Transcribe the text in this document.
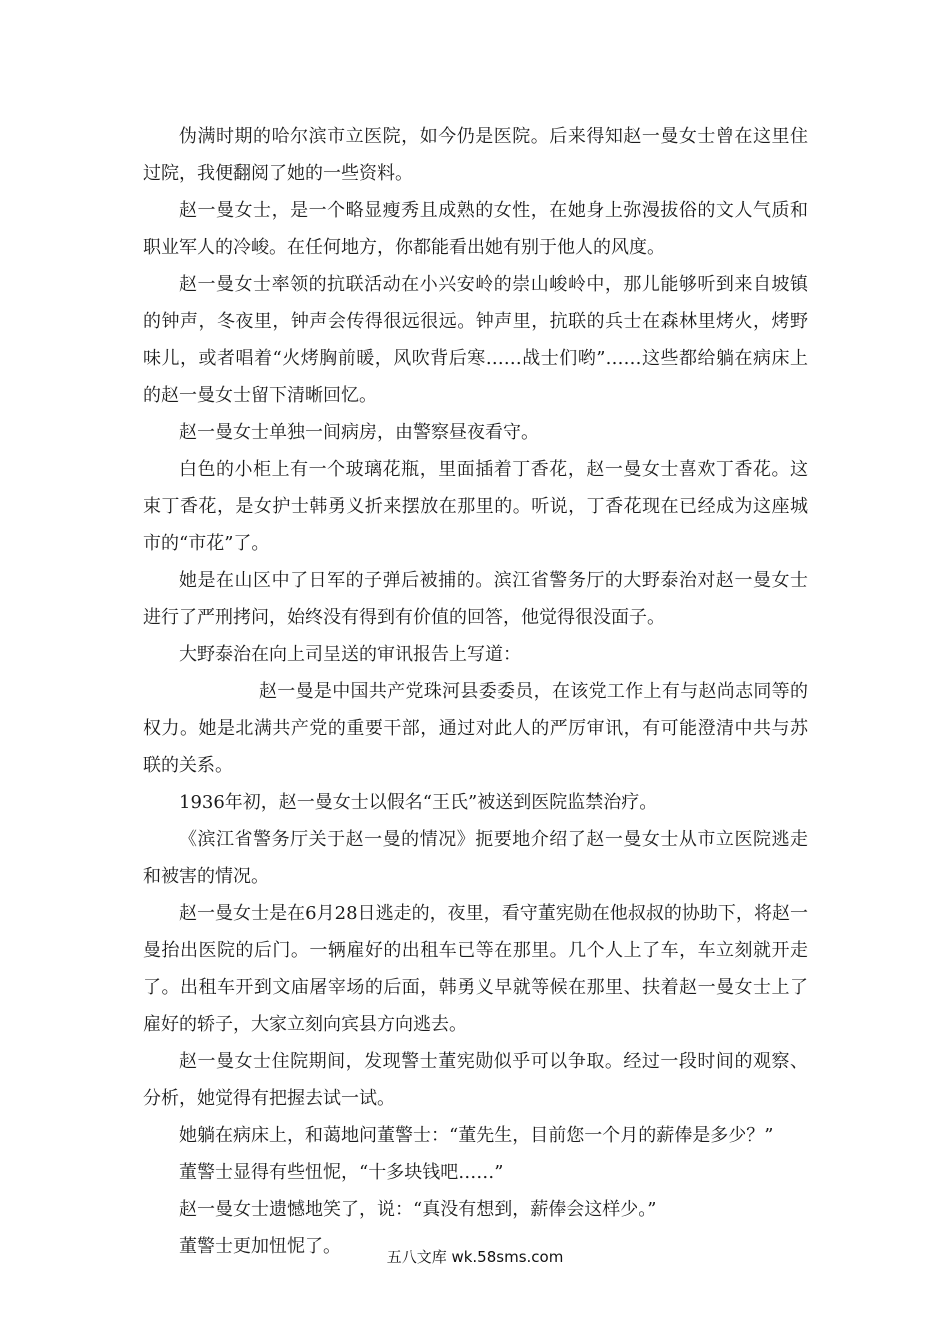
伪满时期的哈尔滨市立医院，如今仍是医院。后来得知赵一曼女士曾在这里住过院，我便翻阅了她的一些资料。

赵一曼女士，是一个略显瘦秀且成熟的女性，在她身上弥漫拔俗的文人气质和职业军人的冷峻。在任何地方，你都能看出她有别于他人的风度。

赵一曼女士率领的抗联活动在小兴安岭的崇山峻岭中，那儿能够听到来自坡镇的钟声，冬夜里，钟声会传得很远很远。钟声里，抗联的兵士在森林里烤火，烤野味儿，或者唱着“火烤胸前暖，风吹背后寒……战士们哟”……这些都给躺在病床上的赵一曼女士留下清晰回忆。

赵一曼女士单独一间病房，由警察昼夜看守。

白色的小柜上有一个玻璃花瓶，里面插着丁香花，赵一曼女士喜欢丁香花。这束丁香花，是女护士韩勇义折来摆放在那里的。听说，丁香花现在已经成为这座城市的“市花”了。

她是在山区中了日军的子弹后被捕的。滨江省警务厅的大野泰治对赵一曼女士进行了严刑拷问，始终没有得到有价值的回答，他觉得很没面子。

大野泰治在向上司呈送的审讯报告上写道：

赵一曼是中国共产党珠河县委委员，在该党工作上有与赵尚志同等的权力。她是北满共产党的重要干部，通过对此人的严厉审讯，有可能澄清中共与苏联的关系。

1936年初，赵一曼女士以假名“王氏”被送到医院监禁治疗。

《滨江省警务厅关于赵一曼的情况》扼要地介绍了赵一曼女士从市立医院逃走和被害的情况。

赵一曼女士是在6月28日逃走的，夜里，看守董宪勋在他叔叔的协助下，将赵一曼抬出医院的后门。一辆雇好的出租车已等在那里。几个人上了车，车立刻就开走了。出租车开到文庙屠宰场的后面，韩勇义早就等候在那里、扶着赵一曼女士上了雇好的轿子，大家立刻向宾县方向逃去。

赵一曼女士住院期间，发现警士董宪勋似乎可以争取。经过一段时间的观察、分析，她觉得有把握去试一试。

她躺在病床上，和蔼地问董警士：“董先生，目前您一个月的薪俸是多少？”

董警士显得有些忸怩，“十多块钱吧……”

赵一曼女士遗憾地笑了，说：“真没有想到，薪俸会这样少。”

董警士更加忸怩了。	五八文库 wk.58sms.com
